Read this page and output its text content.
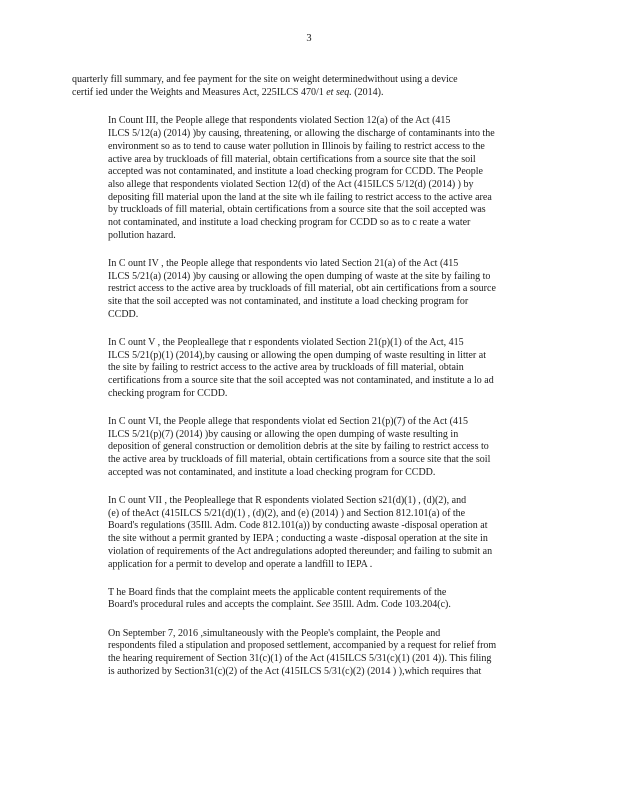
3

quarterly fill summary, and fee payment for the site on weight determinedwithout using a device
certif ied under the Weights and Measures Act, 225ILCS 470/1 et seq. (2014).

In Count III, the People allege that respondents violated Section 12(a) of the Act (415
ILCS 5/12(a) (2014) )by causing, threatening, or allowing the discharge of contaminants into the
environment so as to tend to cause water pollution in Illinois by failing to restrict access to the
active area by truckloads of fill material, obtain certifications from a source site that the soil
accepted was not contaminated, and institute a load checking program for CCDD. The People
also allege that respondents violated Section 12(d) of the Act (415ILCS 5/12(d) (2014) ) by
depositing fill material upon the land at the site wh ile failing to restrict access to the active area
by truckloads of fill material, obtain certifications from a source site that the soil accepted was
not contaminated, and institute a load checking program for CCDD so as to c reate a water
pollution hazard.

In C ount IV , the People allege that respondents vio lated Section 21(a) of the Act (415
ILCS 5/21(a) (2014) )by causing or allowing the open dumping of waste at the site by failing to
restrict access to the active area by truckloads of fill material, obt ain certifications from a source
site that the soil accepted was not contaminated, and institute a load checking program for
CCDD.

In C ount V , the Peopleallege that r espondents violated Section 21(p)(1) of the Act, 415
ILCS 5/21(p)(1) (2014),by causing or allowing the open dumping of waste resulting in litter at
the site by failing to restrict access to the active area by truckloads of fill material, obtain
certifications from a source site that the soil accepted was not contaminated, and institute a lo ad
checking program for CCDD.

In C ount VI, the People allege that respondents violat ed Section 21(p)(7) of the Act (415
ILCS 5/21(p)(7) (2014) )by causing or allowing the open dumping of waste resulting in
deposition of general construction or demolition debris at the site by failing to restrict access to
the active area by truckloads of fill material, obtain certifications from a source site that the soil
accepted was not contaminated, and institute a load checking program for CCDD.

In C ount VII , the Peopleallege that R espondents violated Section s21(d)(1) , (d)(2), and
(e) of theAct (415ILCS 5/21(d)(1) , (d)(2), and (e) (2014) ) and Section 812.101(a) of the
Board's regulations (35Ill. Adm. Code 812.101(a)) by conducting awaste -disposal operation at
the site without a permit granted by IEPA ; conducting a waste -disposal operation at the site in
violation of requirements of the Act andregulations adopted thereunder; and failing to submit an
application for a permit to develop and operate a landfill to IEPA .

T he Board finds that the complaint meets the applicable content requirements of the
Board's procedural rules and accepts the complaint. See 35Ill. Adm. Code 103.204(c).

On September 7, 2016 ,simultaneously with the People's complaint, the People and
respondents filed a stipulation and proposed settlement, accompanied by a request for relief from
the hearing requirement of Section 31(c)(1) of the Act (415ILCS 5/31(c)(1) (201 4)). This filing
is authorized by Section31(c)(2) of the Act (415ILCS 5/31(c)(2) (2014 ) ),which requires that
